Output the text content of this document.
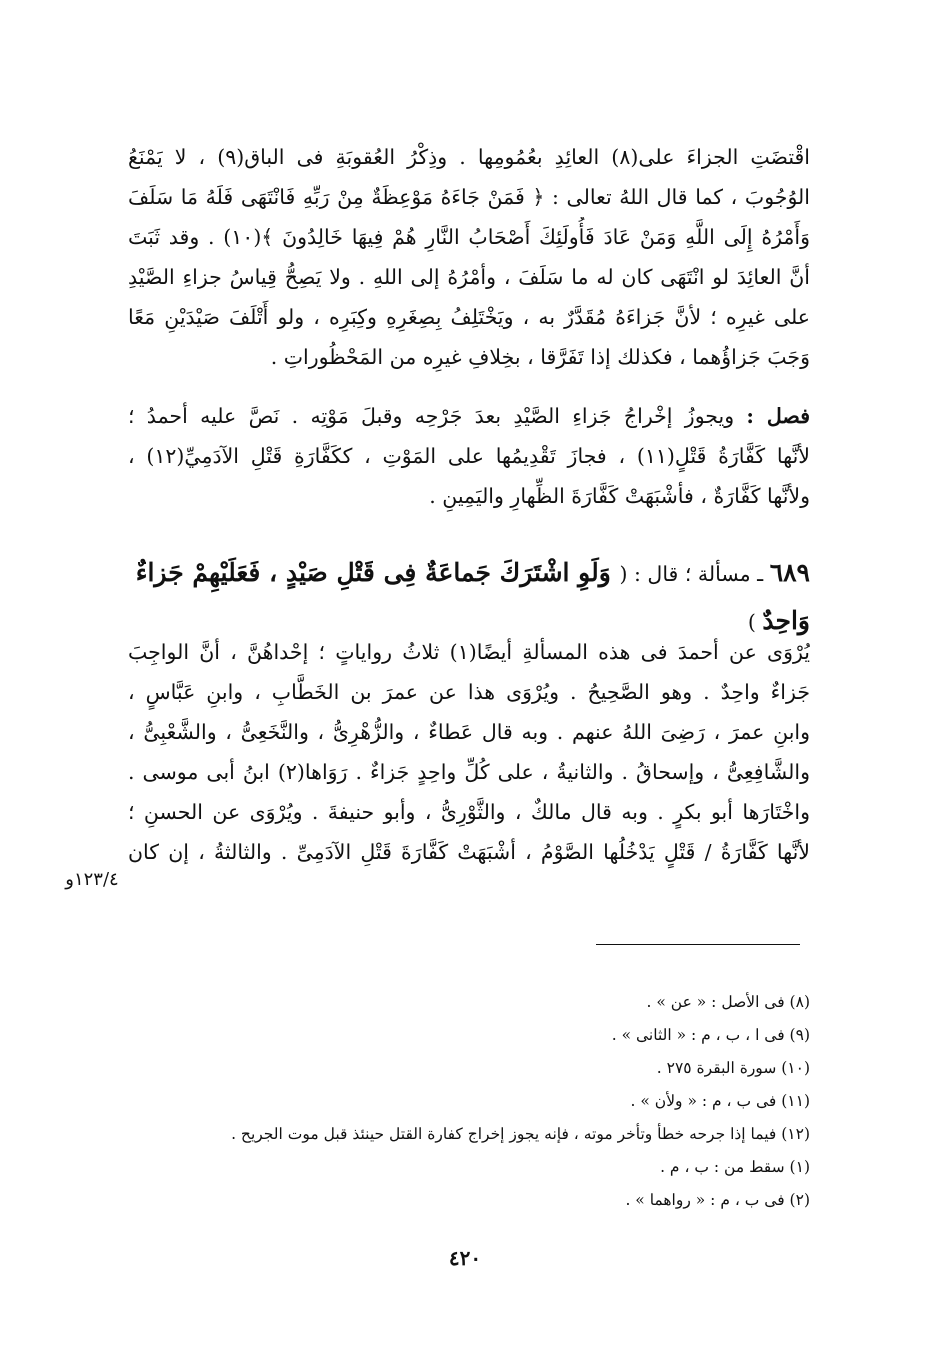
اقْتضَتِ الجزاءَ على(٨) العائِدِ بعُمُومِها . وذِكْرُ العُقوبَةِ فى الباق(٩) ، لا يَمْنَعُ
الوُجُوبَ ، كما قال اللهُ تعالى : ﴿ فَمَنْ جَاءَهُ مَوْعِظَةٌ مِنْ رَبِّهِ فَانْتَهَى فَلَهُ مَا سَلَفَ
وَأَمْرُهُ إِلَى اللَّهِ وَمَنْ عَادَ فَأُولَئِكَ أَصْحَابُ النَّارِ هُمْ فِيهَا خَالِدُونَ ﴾(١٠) . وقد ثَبَتَ
أنَّ العائِدَ لو انْتَهَى كان له ما سَلَفَ ، وأمْرُهُ إلى اللهِ . ولا يَصِحُّ قِياسُ جزاءِ الصَّيْدِ
على غيرِه ؛ لأنَّ جَزاءَهُ مُقَدَّرٌ به ، ويَخْتَلِفُ بِصِغَرِهِ وكِبَرِه ، ولو أَتْلَفَ صَيْدَيْنِ مَعًا
وَجَبَ جَزاؤُهما ، فكذلك إذا تَفَرَّقا ، بخِلافِ غيرِه من المَحْظُوراتِ .
فصل : ويجوزُ إخْراجُ جَزاءِ الصَّيْدِ بعدَ جَرْحِه وقبلَ مَوْتِه . نَصَّ عليه أحمدُ ؛
لأنَّها كَفَّارَةُ قَتْلٍ(١١) ، فجازَ تَقْدِيمُها على المَوْتِ ، ككَفَّارَةِ قَتْلِ الآدَمِيِّ(١٢) ،
ولأنَّها كَفَّارَةٌ ، فأشْبَهَتْ كَفَّارَةَ الظِّهارِ واليَمِينِ .
٦٨٩ ـ مسألة ؛ قال : ( وَلَوِ اشْتَرَكَ جَماعَةٌ فِى قَتْلِ صَيْدٍ ، فَعَلَيْهِمْ جَزاءٌ
وَاحِدٌ )
يُرْوَى عن أحمدَ فى هذه المسألةِ أيضًا(١) ثلاثُ رواياتٍ ؛ إحْداهُنَّ ، أنَّ الواجِبَ
جَزاءٌ واحِدٌ . وهو الصَّحِيحُ . ويُرْوَى هذا عن عمرَ بن الخَطَّابِ ، وابنِ عَبَّاسٍ ،
وابنِ عمرَ ، رَضِىَ اللهُ عنهم . وبه قال عَطاءٌ ، والزُّهْرِىُّ ، والنَّخَعِىُّ ، والشَّعْبِىُّ ،
والشَّافِعِىُّ ، وإسحاقُ . والثانيةُ ، على كُلِّ واحِدٍ جَزاءٌ . رَوَاها(٢) ابنُ أبى موسى .
واخْتَارَها أبو بكرٍ . وبه قال مالكٌ ، والثَّوْرِىُّ ، وأبو حنيفةَ . ويُرْوَى عن الحسنِ ؛
لأنَّها كَفَّارَةُ / قَتْلٍ يَدْخُلُها الصَّوْمُ ، أشْبَهَتْ كَفَّارَةَ قَتْلِ الآدَمِىِّ . والثالثةُ ، إن كان
١٢٣/٤و
(٨) فى الأصل : « عن » .
(٩) فى ا ، ب ، م : « الثانى » .
(١٠) سورة البقرة ٢٧٥ .
(١١) فى ب ، م : « ولأن » .
(١٢) فيما إذا جرحه خطأ وتأخر موته ، فإنه يجوز إخراج كفارة القتل حينئذ قبل موت الجريح .
(١) سقط من : ب ، م .
(٢) فى ب ، م : « رواهما » .
٤٢٠
